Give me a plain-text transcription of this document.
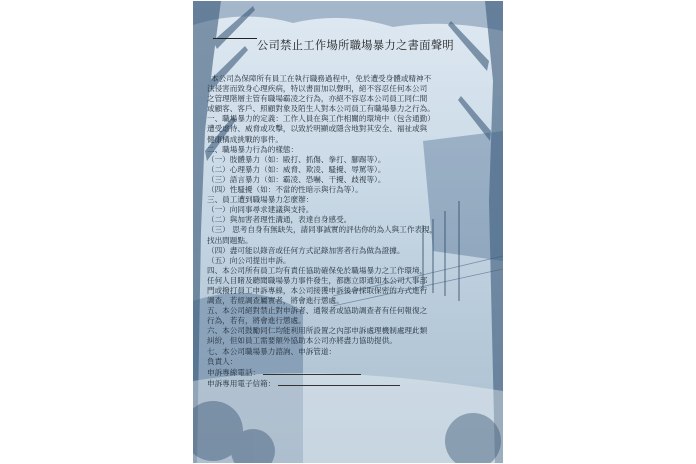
公司禁止工作場所職場暴力之書面聲明
本公司為保障所有員工在執行職務過程中，免於遭受身體或精神不
法侵害而致身心理疾病，特以書面加以聲明，絕不容忍任何本公司
之管理階層主管有職場霸凌之行為，亦絕不容忍本公司員工同仁間
或顧客、客戶、照顧對象及陌生人對本公司員工有職場暴力之行為。
一、職場暴力的定義：工作人員在與工作相關的環境中（包含通勤）
遭受虐待、威脅或攻擊，以致於明顯或隱含地對其安全、福祉或與
健康構成挑戰的事件。
二、職場暴力行為的樣態：
（一）肢體暴力（如：毆打、抓傷、拳打、腳踢等）。
（二）心理暴力（如：威脅、欺凌、騷擾、辱罵等）。
（三）語言暴力（如：霸凌、恐嚇、干擾、歧視等）。
（四）性騷擾（如：不當的性暗示與行為等）。
三、員工遭到職場暴力怎麼辦：
（一）向同事尋求建議與支持。
（二）與加害者理性溝通，表達自身感受。
（三） 思考自身有無缺失，請同事誠實的評估你的為人與工作表現，
找出問題點。
（四）盡可能以錄音或任何方式記錄加害者行為做為證據。
（五）向公司提出申訴。
四、本公司所有員工均有責任協助確保免於職場暴力之工作環境，
任何人目睹及聽聞職場暴力事件發生，都應立即通知本公司人事部
門或撥打員工申訴專線，本公司接獲申訴後會採取保密的方式進行
調查，若經調查屬實者，將會進行懲處。
五、本公司絕對禁止對申訴者、通報者或協助調查者有任何報復之
行為，若有，將會進行懲處。
六、本公司鼓勵同仁均能利用所設置之內部申訴處理機制處理此類
糾紛，但如員工需要額外協助本公司亦將盡力協助提供。
七、本公司職場暴力諮詢、申訴管道：
負責人：
申訴專線電話：
申訴專用電子信箱：
